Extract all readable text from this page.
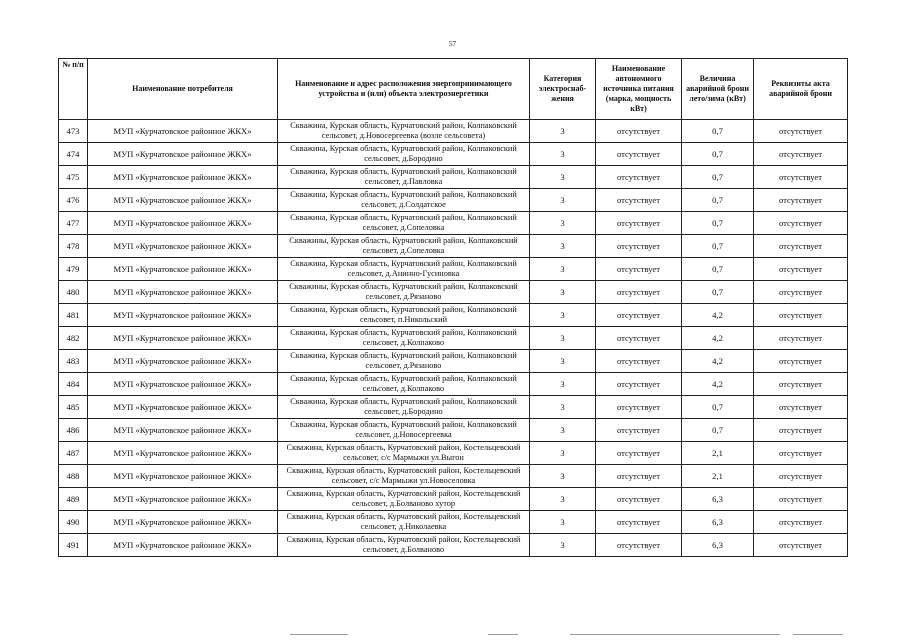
57
№ п/п	Наименование потребителя	Наименование и адрес расположения энергопринимающего устройства и (или) объекта электроэнергетики	Категория электроснаб-жения	Наименование автономного источника питания (марка, мощность кВт)	Величина аварийной брони лето/зима (кВт)	Реквизиты акта аварийной брони
473	МУП «Курчатовское районное ЖКХ»	Скважина, Курская область, Курчатовский район, Колпаковский сельсовет, д.Новосергеевка (возле сельсовета)	3	отсутствует	0,7	отсутствует
474	МУП «Курчатовское районное ЖКХ»	Скважина, Курская область, Курчатовский район, Колпаковский сельсовет, д.Бородино	3	отсутствует	0,7	отсутствует
475	МУП «Курчатовское районное ЖКХ»	Скважина, Курская область, Курчатовский район, Колпаковский сельсовет, д.Павловка	3	отсутствует	0,7	отсутствует
476	МУП «Курчатовское районное ЖКХ»	Скважина, Курская область, Курчатовский район, Колпаковский сельсовет, д.Солдатское	3	отсутствует	0,7	отсутствует
477	МУП «Курчатовское районное ЖКХ»	Скважина, Курская область, Курчатовский район, Колпаковский сельсовет, д.Сопеловка	3	отсутствует	0,7	отсутствует
478	МУП «Курчатовское районное ЖКХ»	Скважины, Курская область, Курчатовский район, Колпаковский сельсовет, д.Сопеловка	3	отсутствует	0,7	отсутствует
479	МУП «Курчатовское районное ЖКХ»	Скважина, Курская область, Курчатовский район, Колпаковский сельсовет, д.Анинно-Гусиновка	3	отсутствует	0,7	отсутствует
480	МУП «Курчатовское районное ЖКХ»	Скважины, Курская область, Курчатовский район, Колпаковский сельсовет, д.Рязаново	3	отсутствует	0,7	отсутствует
481	МУП «Курчатовское районное ЖКХ»	Скважина, Курская область, Курчатовский район, Колпаковский сельсовет, п.Никольский	3	отсутствует	4,2	отсутствует
482	МУП «Курчатовское районное ЖКХ»	Скважина, Курская область, Курчатовский район, Колпаковский сельсовет, д.Колпаково	3	отсутствует	4,2	отсутствует
483	МУП «Курчатовское районное ЖКХ»	Скважина, Курская область, Курчатовский район, Колпаковский сельсовет, д.Рязаново	3	отсутствует	4,2	отсутствует
484	МУП «Курчатовское районное ЖКХ»	Скважина, Курская область, Курчатовский район, Колпаковский сельсовет, д.Колпаково	3	отсутствует	4,2	отсутствует
485	МУП «Курчатовское районное ЖКХ»	Скважина, Курская область, Курчатовский район, Колпаковский сельсовет, д.Бородино	3	отсутствует	0,7	отсутствует
486	МУП «Курчатовское районное ЖКХ»	Скважина, Курская область, Курчатовский район, Колпаковский сельсовет, д.Новосергеевка	3	отсутствует	0,7	отсутствует
487	МУП «Курчатовское районное ЖКХ»	Скважина, Курская область, Курчатовский район, Костельцевский сельсовет, с/с Мармыжи ул.Выгон	3	отсутствует	2,1	отсутствует
488	МУП «Курчатовское районное ЖКХ»	Скважина, Курская область, Курчатовский район, Костельцевский сельсовет, с/с Мармыжи ул.Новоселовка	3	отсутствует	2,1	отсутствует
489	МУП «Курчатовское районное ЖКХ»	Скважина, Курская область, Курчатовский район, Костельцевский сельсовет, д.Болваново хутор	3	отсутствует	6,3	отсутствует
490	МУП «Курчатовское районное ЖКХ»	Скважина, Курская область, Курчатовский район, Костельцевский сельсовет, д.Николаевка	3	отсутствует	6,3	отсутствует
491	МУП «Курчатовское районное ЖКХ»	Скважина, Курская область, Курчатовский район, Костельцевский сельсовет, д.Болваново	3	отсутствует	6,3	отсутствует
